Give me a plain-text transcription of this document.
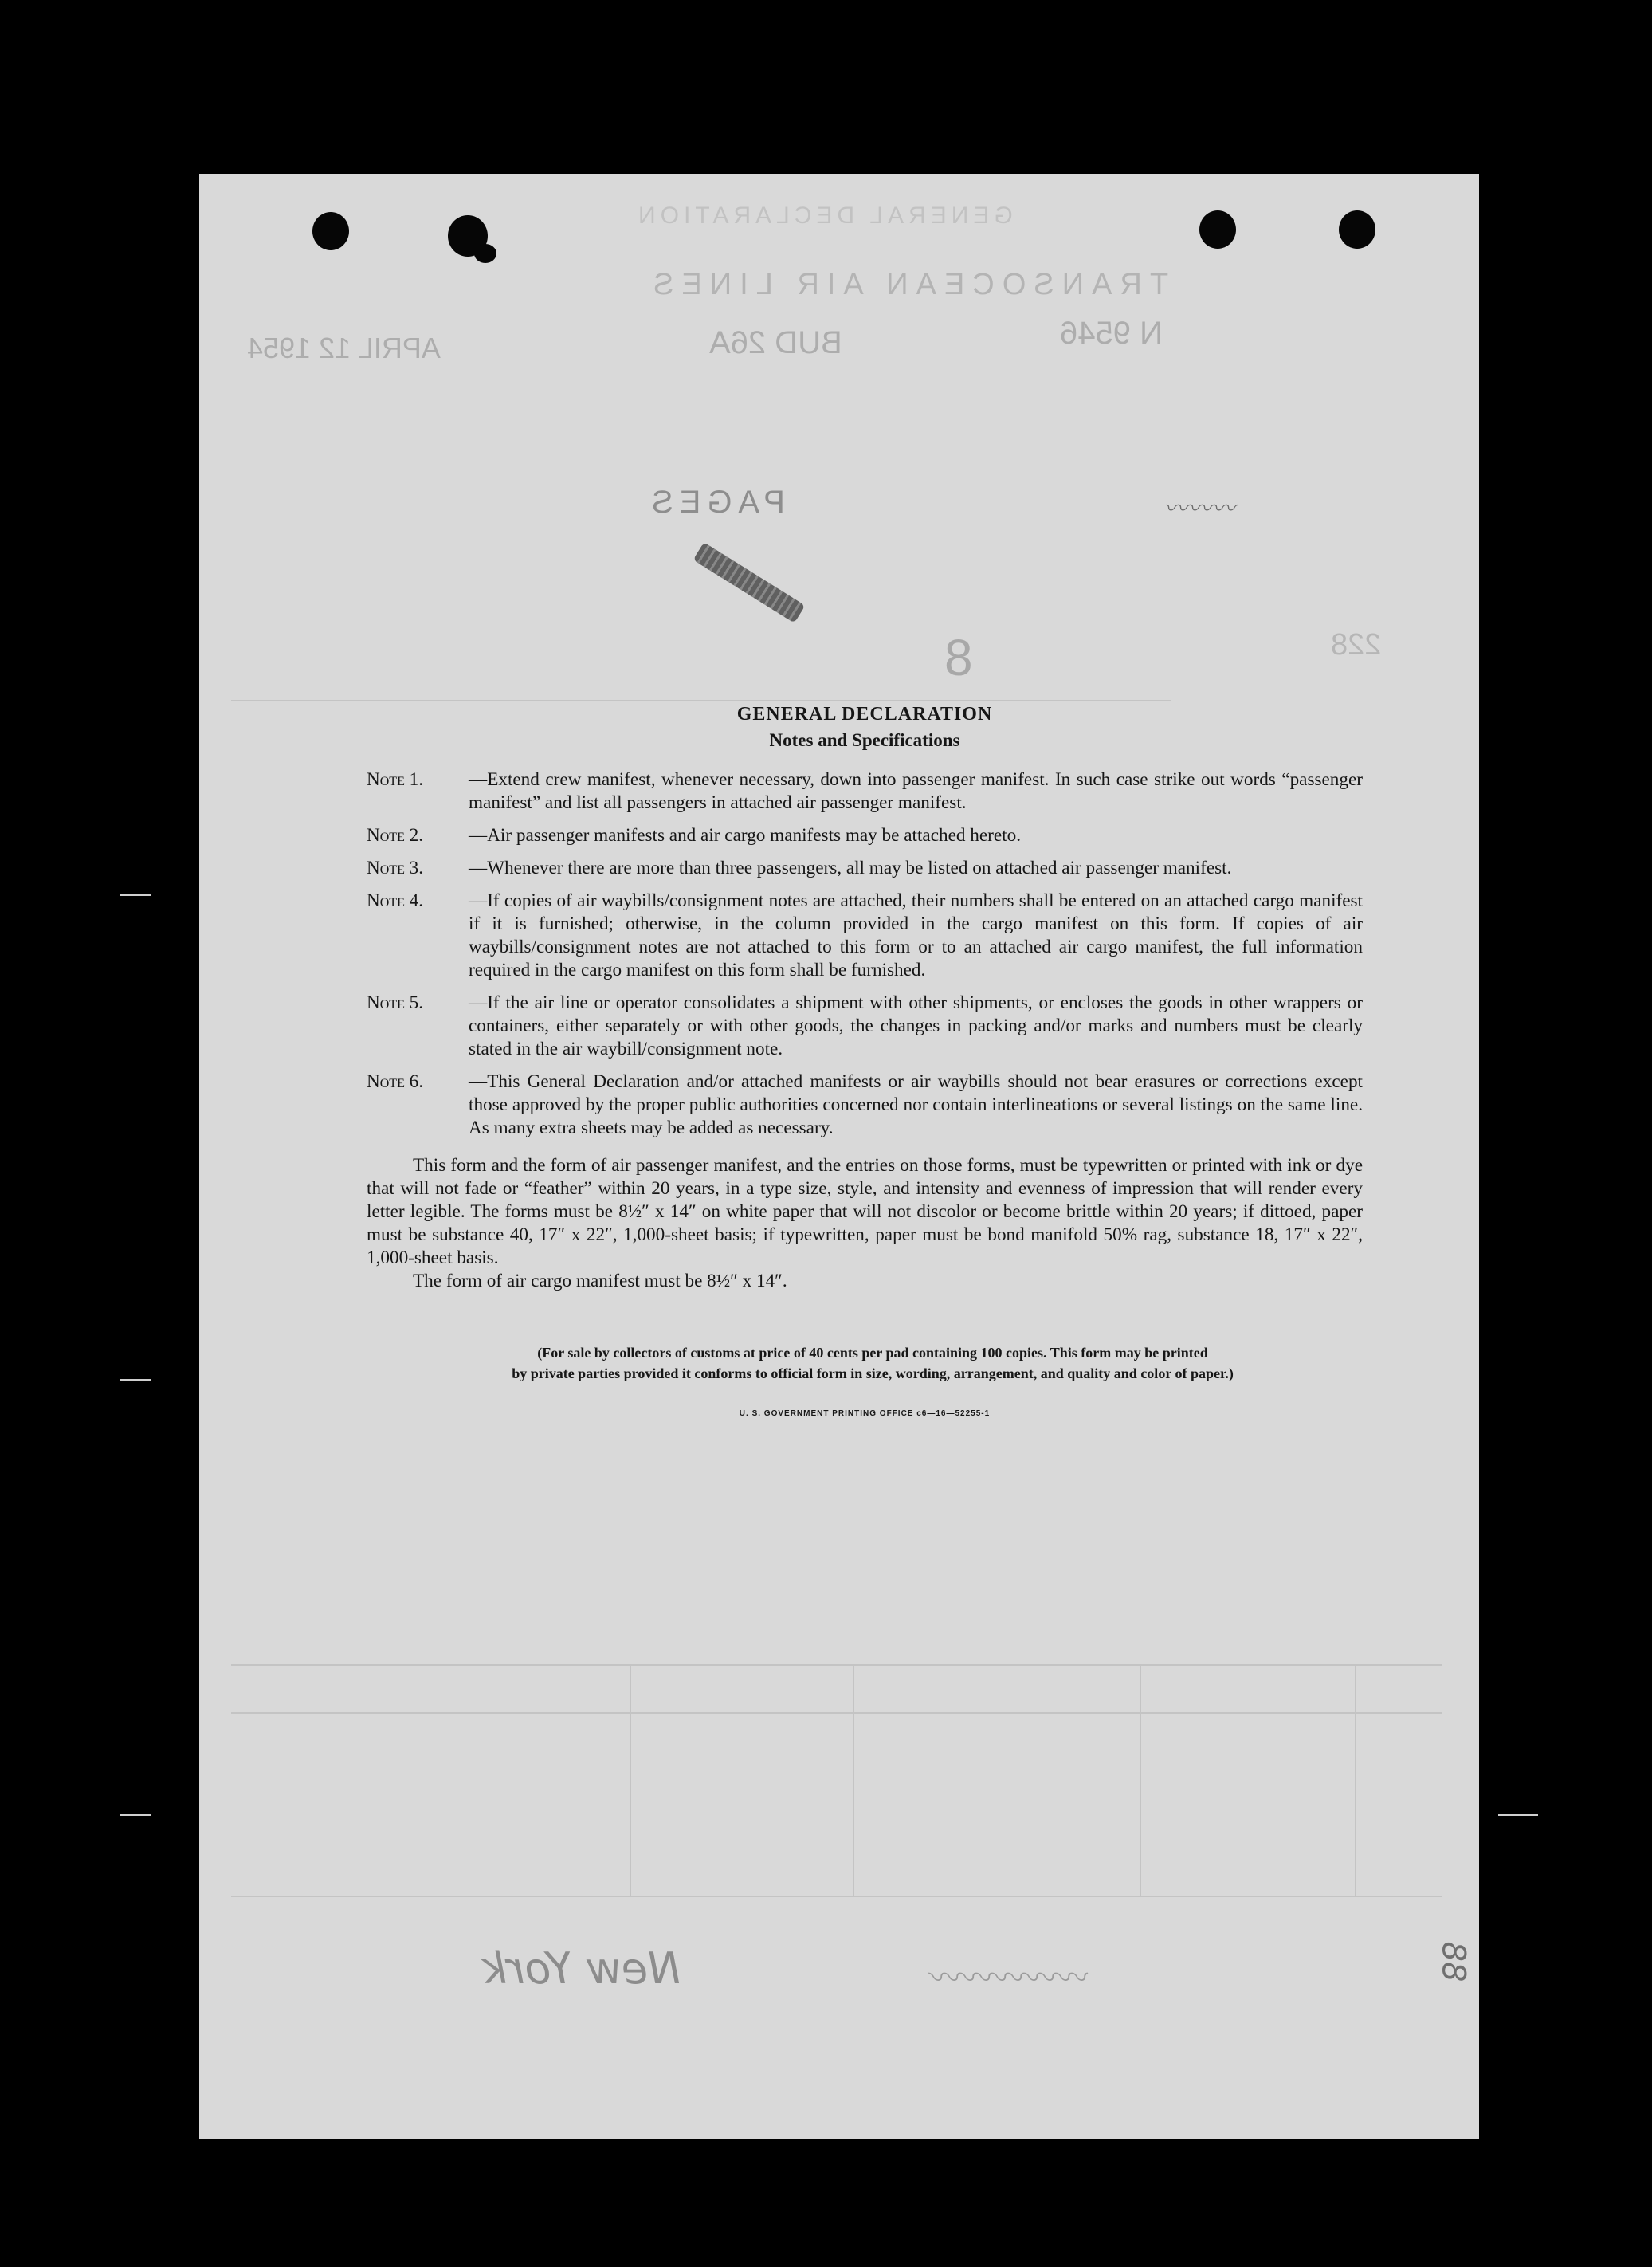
GENERAL DECLARATION
TRANSOCEAN AIR LINES
N 9546
BUD 26A
APRIL 12 1954
PAGES
8	228
〰〰〰
New York	〰〰〰〰〰	88
GENERAL DECLARATION
Notes and Specifications
Note 1. —Extend crew manifest, whenever necessary, down into passenger manifest. In such case strike out words “passenger manifest” and list all passengers in attached air passenger manifest.
Note 2. —Air passenger manifests and air cargo manifests may be attached hereto.
Note 3. —Whenever there are more than three passengers, all may be listed on attached air passenger manifest.
Note 4. —If copies of air waybills/consignment notes are attached, their numbers shall be entered on an attached cargo manifest if it is furnished; otherwise, in the column provided in the cargo manifest on this form. If copies of air waybills/consignment notes are not attached to this form or to an attached air cargo manifest, the full information required in the cargo manifest on this form shall be furnished.
Note 5. —If the air line or operator consolidates a shipment with other shipments, or encloses the goods in other wrappers or containers, either separately or with other goods, the changes in packing and/or marks and numbers must be clearly stated in the air waybill/consignment note.
Note 6. —This General Declaration and/or attached manifests or air waybills should not bear erasures or corrections except those approved by the proper public authorities concerned nor contain interlineations or several listings on the same line. As many extra sheets may be added as necessary.
This form and the form of air passenger manifest, and the entries on those forms, must be typewritten or printed with ink or dye that will not fade or “feather” within 20 years, in a type size, style, and intensity and evenness of impression that will render every letter legible. The forms must be 8½″ x 14″ on white paper that will not discolor or become brittle within 20 years; if dittoed, paper must be substance 40, 17″ x 22″, 1,000-sheet basis; if typewritten, paper must be bond manifold 50% rag, substance 18, 17″ x 22″, 1,000-sheet basis.
The form of air cargo manifest must be 8½″ x 14″.
(For sale by collectors of customs at price of 40 cents per pad containing 100 copies. This form may be printed
by private parties provided it conforms to official form in size, wording, arrangement, and quality and color of paper.)
U. S. GOVERNMENT PRINTING OFFICE c6—16—52255-1
